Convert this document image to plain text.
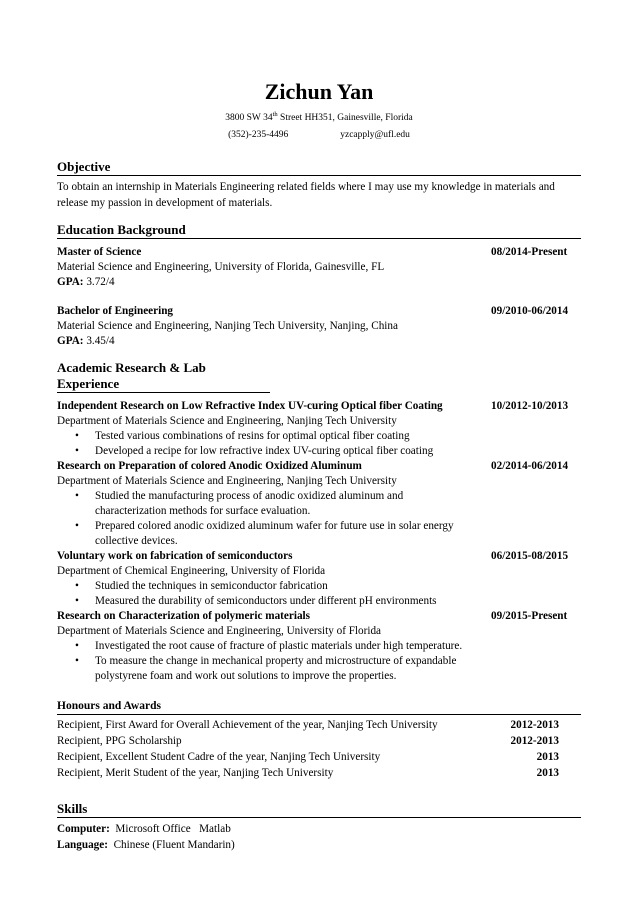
Zichun Yan
3800 SW 34th Street HH351, Gainesville, Florida
(352)-235-4496	yzcapply@ufl.edu
Objective
To obtain an internship in Materials Engineering related fields where I may use my knowledge in materials and release my passion in development of materials.
Education Background
Master of Science	08/2014-Present
Material Science and Engineering, University of Florida, Gainesville, FL
GPA: 3.72/4
Bachelor of Engineering	09/2010-06/2014
Material Science and Engineering, Nanjing Tech University, Nanjing, China
GPA: 3.45/4
Academic Research & Lab Experience
Independent Research on Low Refractive Index UV-curing Optical fiber Coating	10/2012-10/2013
Department of Materials Science and Engineering, Nanjing Tech University
• Tested various combinations of resins for optimal optical fiber coating
• Developed a recipe for low refractive index UV-curing optical fiber coating
Research on Preparation of colored Anodic Oxidized Aluminum	02/2014-06/2014
Department of Materials Science and Engineering, Nanjing Tech University
• Studied the manufacturing process of anodic oxidized aluminum and characterization methods for surface evaluation.
• Prepared colored anodic oxidized aluminum wafer for future use in solar energy collective devices.
Voluntary work on fabrication of semiconductors	06/2015-08/2015
Department of Chemical Engineering, University of Florida
• Studied the techniques in semiconductor fabrication
• Measured the durability of semiconductors under different pH environments
Research on Characterization of polymeric materials	09/2015-Present
Department of Materials Science and Engineering, University of Florida
• Investigated the root cause of fracture of plastic materials under high temperature.
• To measure the change in mechanical property and microstructure of expandable polystyrene foam and work out solutions to improve the properties.
Honours and Awards
Recipient, First Award for Overall Achievement of the year, Nanjing Tech University	2012-2013
Recipient, PPG Scholarship	2012-2013
Recipient, Excellent Student Cadre of the year, Nanjing Tech University	2013
Recipient, Merit Student of the year, Nanjing Tech University	2013
Skills
Computer: Microsoft Office   Matlab
Language: Chinese (Fluent Mandarin)
